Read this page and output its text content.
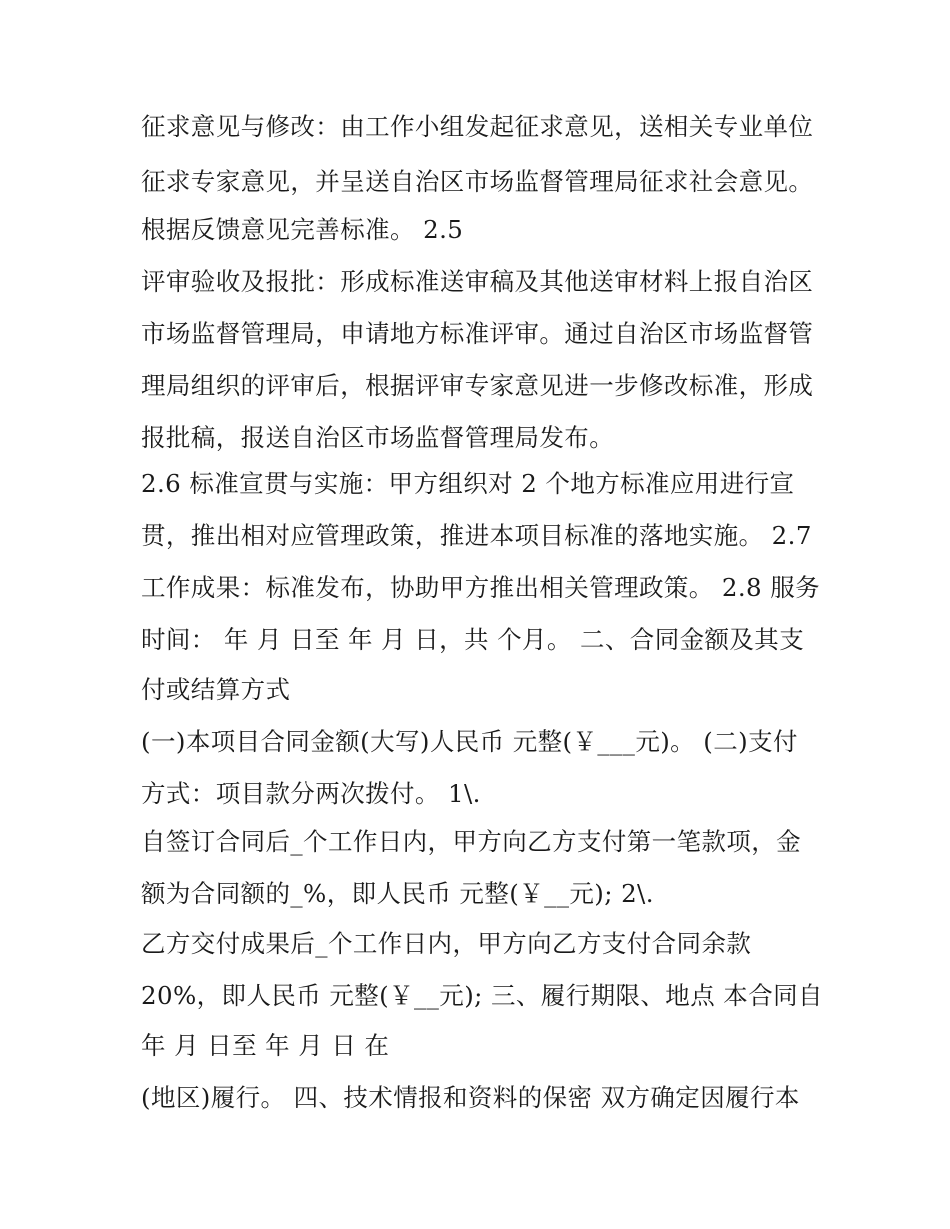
征求意见与修改：由工作小组发起征求意见，送相关专业单位
征求专家意见，并呈送自治区市场监督管理局征求社会意见。
根据反馈意见完善标准。 2.5
评审验收及报批：形成标准送审稿及其他送审材料上报自治区
市场监督管理局，申请地方标准评审。通过自治区市场监督管
理局组织的评审后，根据评审专家意见进一步修改标准，形成
报批稿，报送自治区市场监督管理局发布。
2.6 标准宣贯与实施：甲方组织对 2 个地方标准应用进行宣
贯，推出相对应管理政策，推进本项目标准的落地实施。 2.7
工作成果：标准发布，协助甲方推出相关管理政策。 2.8 服务
时间： 年 月 日至 年 月 日，共 个月。 二、合同金额及其支
付或结算方式
(一)本项目合同金额(大写)人民币 元整(￥___元)。 (二)支付
方式：项目款分两次拨付。 1\.
自签订合同后_个工作日内，甲方向乙方支付第一笔款项，金
额为合同额的_%，即人民币 元整(￥__元); 2\.
乙方交付成果后_个工作日内，甲方向乙方支付合同余款
20%，即人民币 元整(￥__元); 三、履行期限、地点 本合同自
年 月 日至 年 月 日 在
(地区)履行。 四、技术情报和资料的保密 双方确定因履行本
